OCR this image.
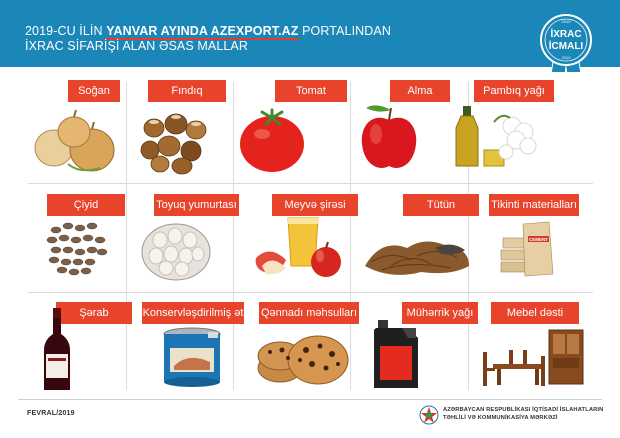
2019-CU İLİN YANVAR AYINDA AZEXPORT.AZ PORTALINDAN
İXRAC SİFARİŞİ ALAN ƏSAS MALLAR
İXRAC
İCMALI
2019
2019
Soğan	Fındıq	Tomat	Alma	Pambıq yağı
Çiyid	Toyuq yumurtası	Meyvə şirəsi	Tütün	Tikinti materialları
Şərab	Konservləşdirilmiş ət Qənnadı məhsulları	Mühərrik yağı	Mebel dəsti
CEMENT
FEVRAL/2019	AZƏRBAYCAN RESPUBLİKASI İQTİSADİ İSLAHATLARIN
TƏHLİLİ VƏ KOMMUNİKASİYA MƏRKƏZİ
